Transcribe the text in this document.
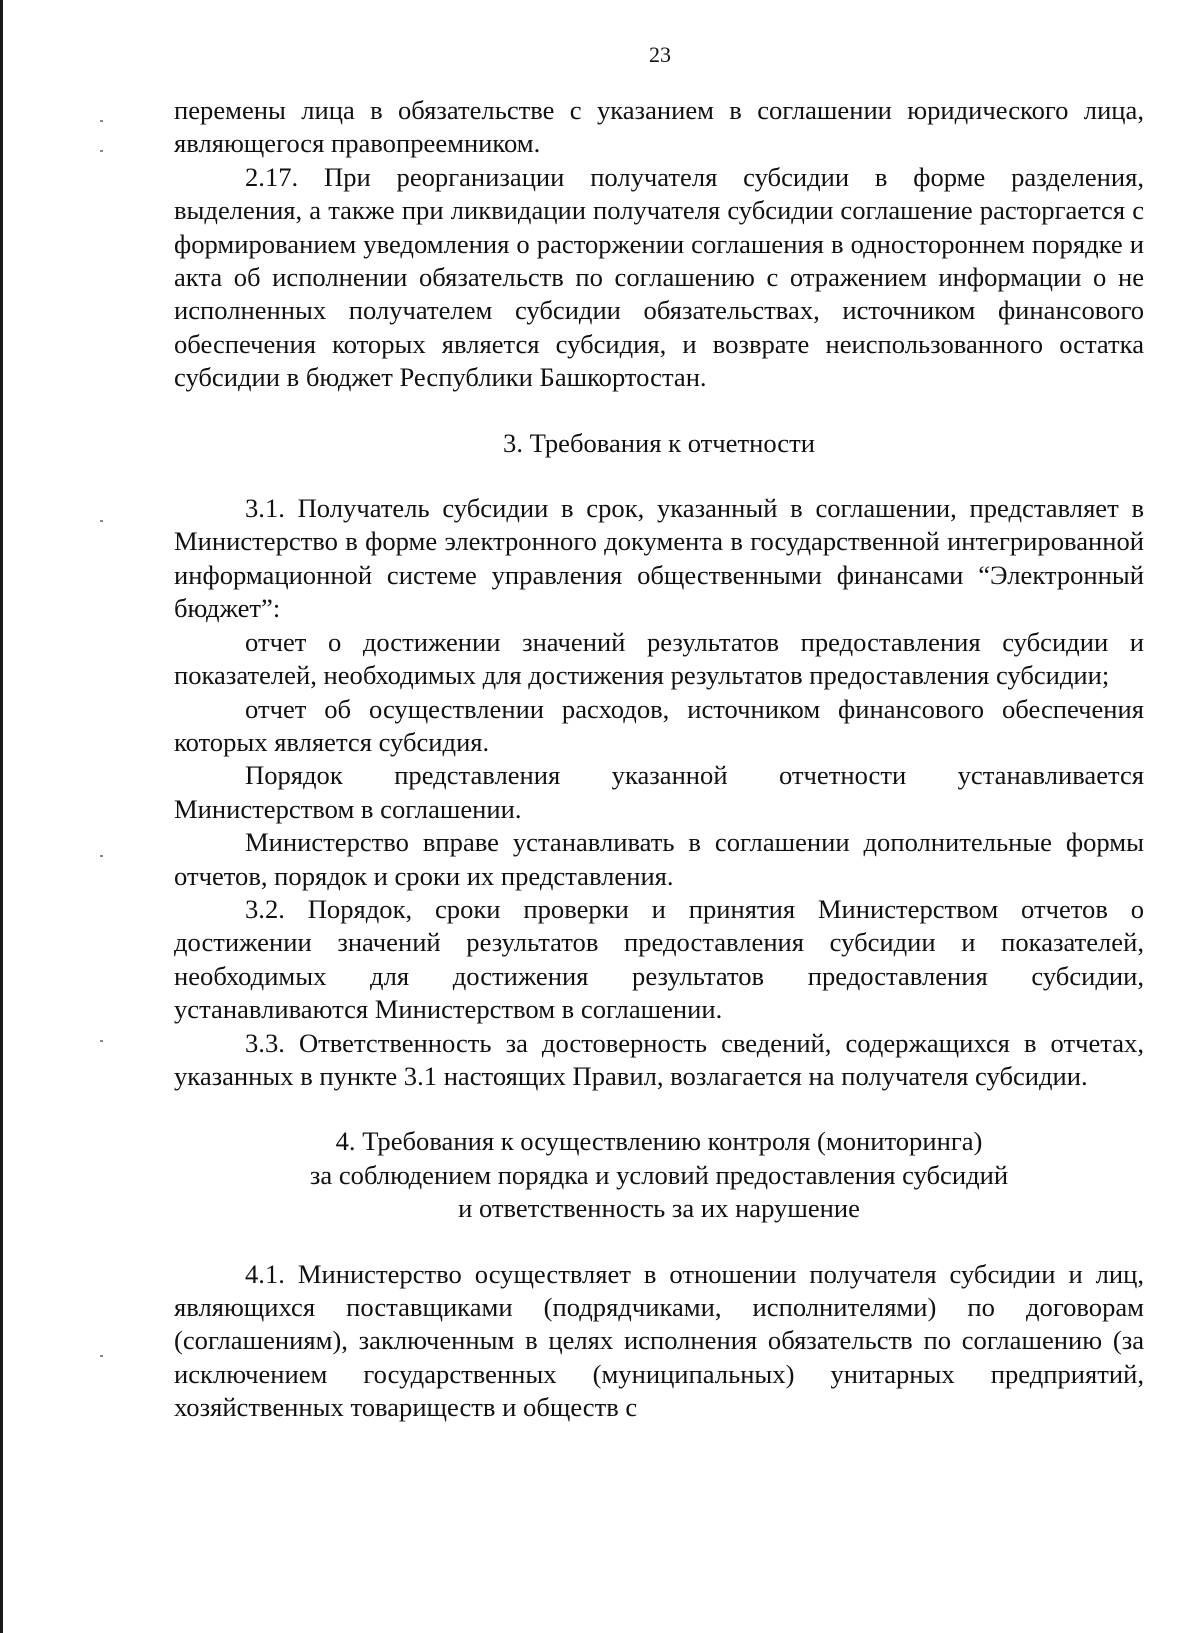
23

перемены лица в обязательстве с указанием в соглашении юридического лица, являющегося правопреемником.

2.17. При реорганизации получателя субсидии в форме разделения, выделения, а также при ликвидации получателя субсидии соглашение расторгается с формированием уведомления о расторжении соглашения в одностороннем порядке и акта об исполнении обязательств по соглашению с отражением информации о не исполненных получателем субсидии обязательствах, источником финансового обеспечения которых является субсидия, и возврате неиспользованного остатка субсидии в бюджет Республики Башкортостан.

3. Требования к отчетности

3.1. Получатель субсидии в срок, указанный в соглашении, представляет в Министерство в форме электронного документа в государственной интегрированной информационной системе управления общественными финансами “Электронный бюджет”:

отчет о достижении значений результатов предоставления субсидии и показателей, необходимых для достижения результатов предоставления субсидии;

отчет об осуществлении расходов, источником финансового обеспечения которых является субсидия.

Порядок представления указанной отчетности устанавливается Министерством в соглашении.

Министерство вправе устанавливать в соглашении дополнительные формы отчетов, порядок и сроки их представления.

3.2. Порядок, сроки проверки и принятия Министерством отчетов о достижении значений результатов предоставления субсидии и показателей, необходимых для достижения результатов предоставления субсидии, устанавливаются Министерством в соглашении.

3.3. Ответственность за достоверность сведений, содержащихся в отчетах, указанных в пункте 3.1 настоящих Правил, возлагается на получателя субсидии.

4. Требования к осуществлению контроля (мониторинга)

за соблюдением порядка и условий предоставления субсидий

и ответственность за их нарушение

4.1. Министерство осуществляет в отношении получателя субсидии и лиц, являющихся поставщиками (подрядчиками, исполнителями) по договорам (соглашениям), заключенным в целях исполнения обязательств по соглашению (за исключением государственных (муниципальных) унитарных предприятий, хозяйственных товариществ и обществ с
